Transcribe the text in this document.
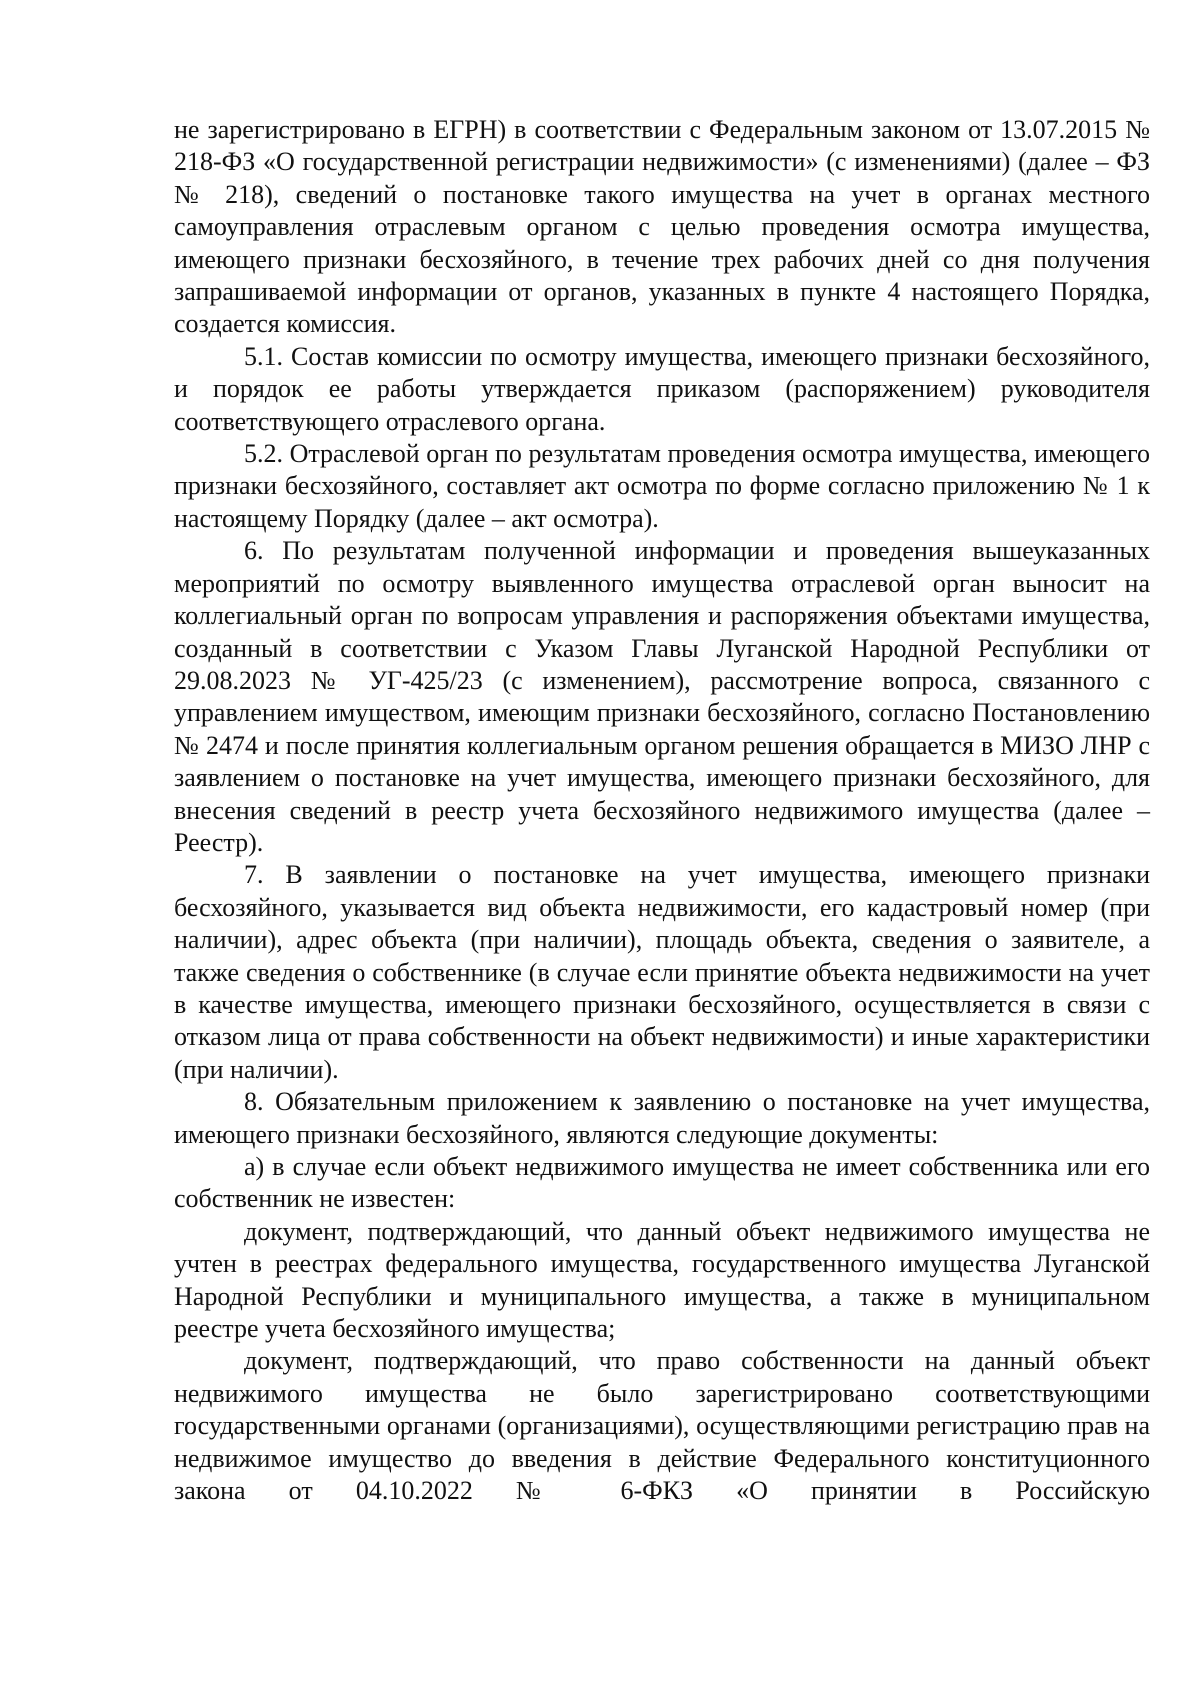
не зарегистрировано в ЕГРН) в соответствии с Федеральным законом от 13.07.2015 № 218-ФЗ «О государственной регистрации недвижимости» (с изменениями) (далее – ФЗ № 218), сведений о постановке такого имущества на учет в органах местного самоуправления отраслевым органом с целью проведения осмотра имущества, имеющего признаки бесхозяйного, в течение трех рабочих дней со дня получения запрашиваемой информации от органов, указанных в пункте 4 настоящего Порядка, создается комиссия.

5.1. Состав комиссии по осмотру имущества, имеющего признаки бесхозяйного, и порядок ее работы утверждается приказом (распоряжением) руководителя соответствующего отраслевого органа.

5.2. Отраслевой орган по результатам проведения осмотра имущества, имеющего признаки бесхозяйного, составляет акт осмотра по форме согласно приложению № 1 к настоящему Порядку (далее – акт осмотра).

6. По результатам полученной информации и проведения вышеуказанных мероприятий по осмотру выявленного имущества отраслевой орган выносит на коллегиальный орган по вопросам управления и распоряжения объектами имущества, созданный в соответствии с Указом Главы Луганской Народной Республики от 29.08.2023 № УГ-425/23 (с изменением), рассмотрение вопроса, связанного с управлением имуществом, имеющим признаки бесхозяйного, согласно Постановлению № 2474 и после принятия коллегиальным органом решения обращается в МИЗО ЛНР с заявлением о постановке на учет имущества, имеющего признаки бесхозяйного, для внесения сведений в реестр учета бесхозяйного недвижимого имущества (далее – Реестр).

7. В заявлении о постановке на учет имущества, имеющего признаки бесхозяйного, указывается вид объекта недвижимости, его кадастровый номер (при наличии), адрес объекта (при наличии), площадь объекта, сведения о заявителе, а также сведения о собственнике (в случае если принятие объекта недвижимости на учет в качестве имущества, имеющего признаки бесхозяйного, осуществляется в связи с отказом лица от права собственности на объект недвижимости) и иные характеристики (при наличии).

8. Обязательным приложением к заявлению о постановке на учет имущества, имеющего признаки бесхозяйного, являются следующие документы:

а) в случае если объект недвижимого имущества не имеет собственника или его собственник не известен:

документ, подтверждающий, что данный объект недвижимого имущества не учтен в реестрах федерального имущества, государственного имущества Луганской Народной Республики и муниципального имущества, а также в муниципальном реестре учета бесхозяйного имущества;

документ, подтверждающий, что право собственности на данный объект недвижимого имущества не было зарегистрировано соответствующими государственными органами (организациями), осуществляющими регистрацию прав на недвижимое имущество до введения в действие Федерального конституционного закона от 04.10.2022 № 6-ФКЗ «О принятии в Российскую
